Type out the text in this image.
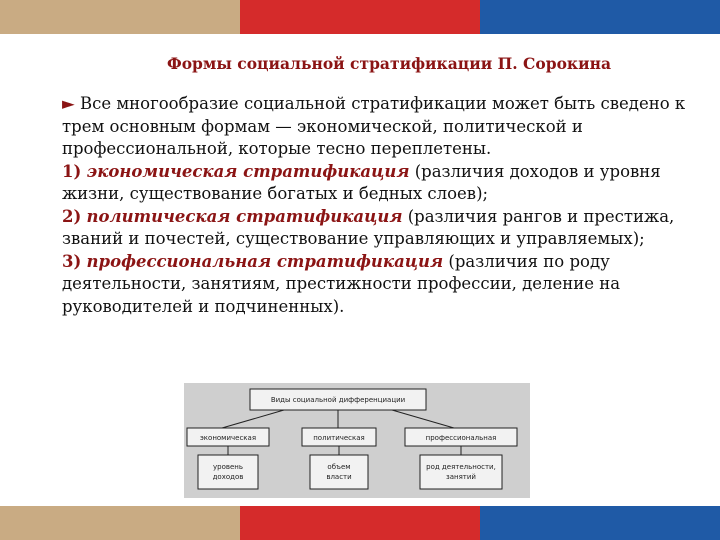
Формы социальной стратификации П. Сорокина

► Все многообразие социальной стратификации может быть сведено к трем основным формам — экономической, политической и профессиональной, которые тесно переплетены.

1) экономическая стратификация (различия доходов и уровня жизни, существование богатых и бедных слоев);

2) политическая стратификация (различия рангов и престижа, званий и почестей, существование управляющих и управляемых);

3) профессиональная стратификация (различия по роду деятельности, занятиям, престижности профессии, деление на руководителей и подчиненных).

Виды социальной дифференциации
экономическая	политическая	профессиональная
уровень
доходов
объем
власти
род деятельности,
занятий
